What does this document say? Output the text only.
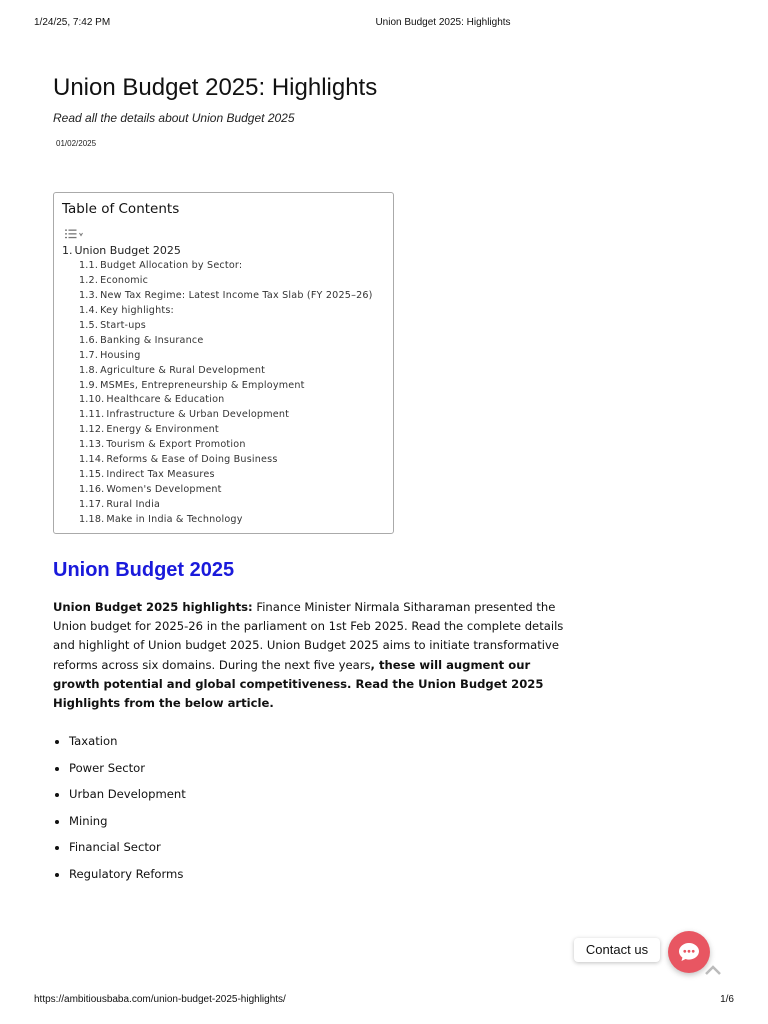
1/24/25, 7:42 PM	Union Budget 2025: Highlights
Union Budget 2025: Highlights

Read all the details about Union Budget 2025

01/02/2025
Table of Contents
1. Union Budget 2025
1.1. Budget Allocation by Sector:
1.2. Economic
1.3. New Tax Regime: Latest Income Tax Slab (FY 2025–26)
1.4. Key highlights:
1.5. Start-ups
1.6. Banking & Insurance
1.7. Housing
1.8. Agriculture & Rural Development
1.9. MSMEs, Entrepreneurship & Employment
1.10. Healthcare & Education
1.11. Infrastructure & Urban Development
1.12. Energy & Environment
1.13. Tourism & Export Promotion
1.14. Reforms & Ease of Doing Business
1.15. Indirect Tax Measures
1.16. Women's Development
1.17. Rural India
1.18. Make in India & Technology
Union Budget 2025

Union Budget 2025 highlights: Finance Minister Nirmala Sitharaman presented the Union budget for 2025-26 in the parliament on 1st Feb 2025. Read the complete details and highlight of Union budget 2025. Union Budget 2025 aims to initiate transformative reforms across six domains. During the next five years, these will augment our growth potential and global competitiveness. Read the Union Budget 2025 Highlights from the below article.

• Taxation
• Power Sector
• Urban Development
• Mining
• Financial Sector
• Regulatory Reforms
Contact us
https://ambitiousbaba.com/union-budget-2025-highlights/	1/6
